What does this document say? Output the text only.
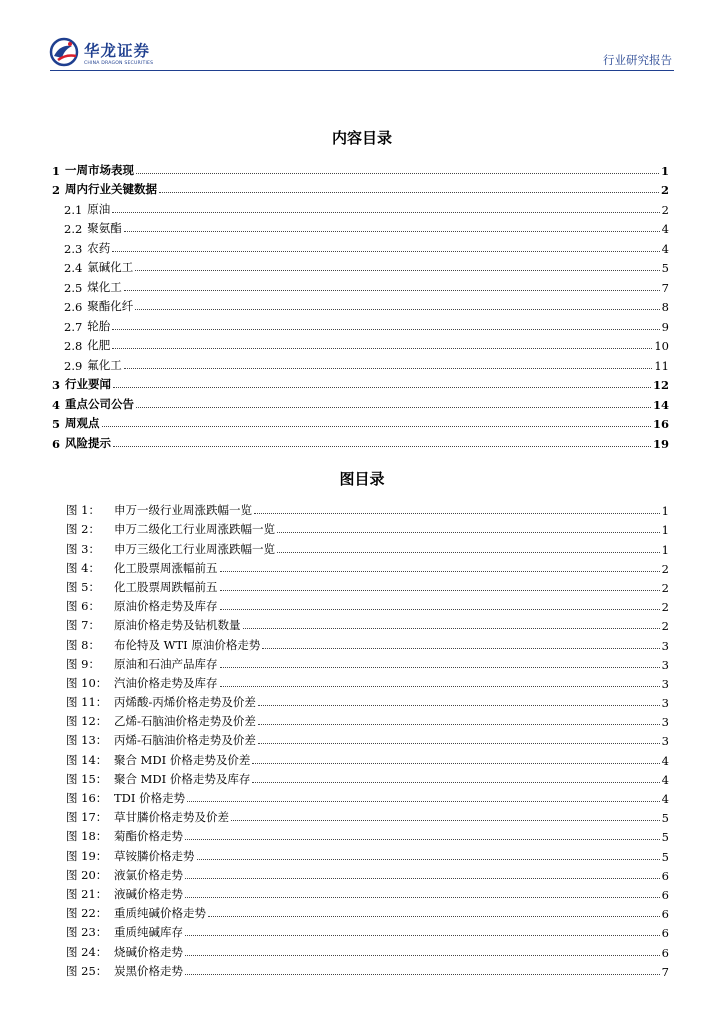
华龙证券
CHINA DRAGON SECURITIES	行业研究报告
内容目录
1 一周市场表现	1
2 周内行业关键数据	2
2.1 原油	2
2.2 聚氨酯	4
2.3 农药	4
2.4 氯碱化工	5
2.5 煤化工	7
2.6 聚酯化纤	8
2.7 轮胎	9
2.8 化肥	10
2.9 氟化工	11
3 行业要闻	12
4 重点公司公告	14
5 周观点	16
6 风险提示	19
图目录
图 1：	申万一级行业周涨跌幅一览	1
图 2：	申万二级化工行业周涨跌幅一览	1
图 3：	申万三级化工行业周涨跌幅一览	1
图 4：	化工股票周涨幅前五	2
图 5：	化工股票周跌幅前五	2
图 6：	原油价格走势及库存	2
图 7：	原油价格走势及钻机数量	2
图 8：	布伦特及 WTI 原油价格走势	3
图 9：	原油和石油产品库存	3
图 10： 汽油价格走势及库存	3
图 11： 丙烯酸-丙烯价格走势及价差	3
图 12： 乙烯-石脑油价格走势及价差	3
图 13： 丙烯-石脑油价格走势及价差	3
图 14： 聚合 MDI 价格走势及价差	4
图 15： 聚合 MDI 价格走势及库存	4
图 16： TDI 价格走势	4
图 17： 草甘膦价格走势及价差	5
图 18： 菊酯价格走势	5
图 19： 草铵膦价格走势	5
图 20： 液氯价格走势	6
图 21： 液碱价格走势	6
图 22： 重质纯碱价格走势	6
图 23： 重质纯碱库存	6
图 24： 烧碱价格走势	6
图 25： 炭黑价格走势	7
